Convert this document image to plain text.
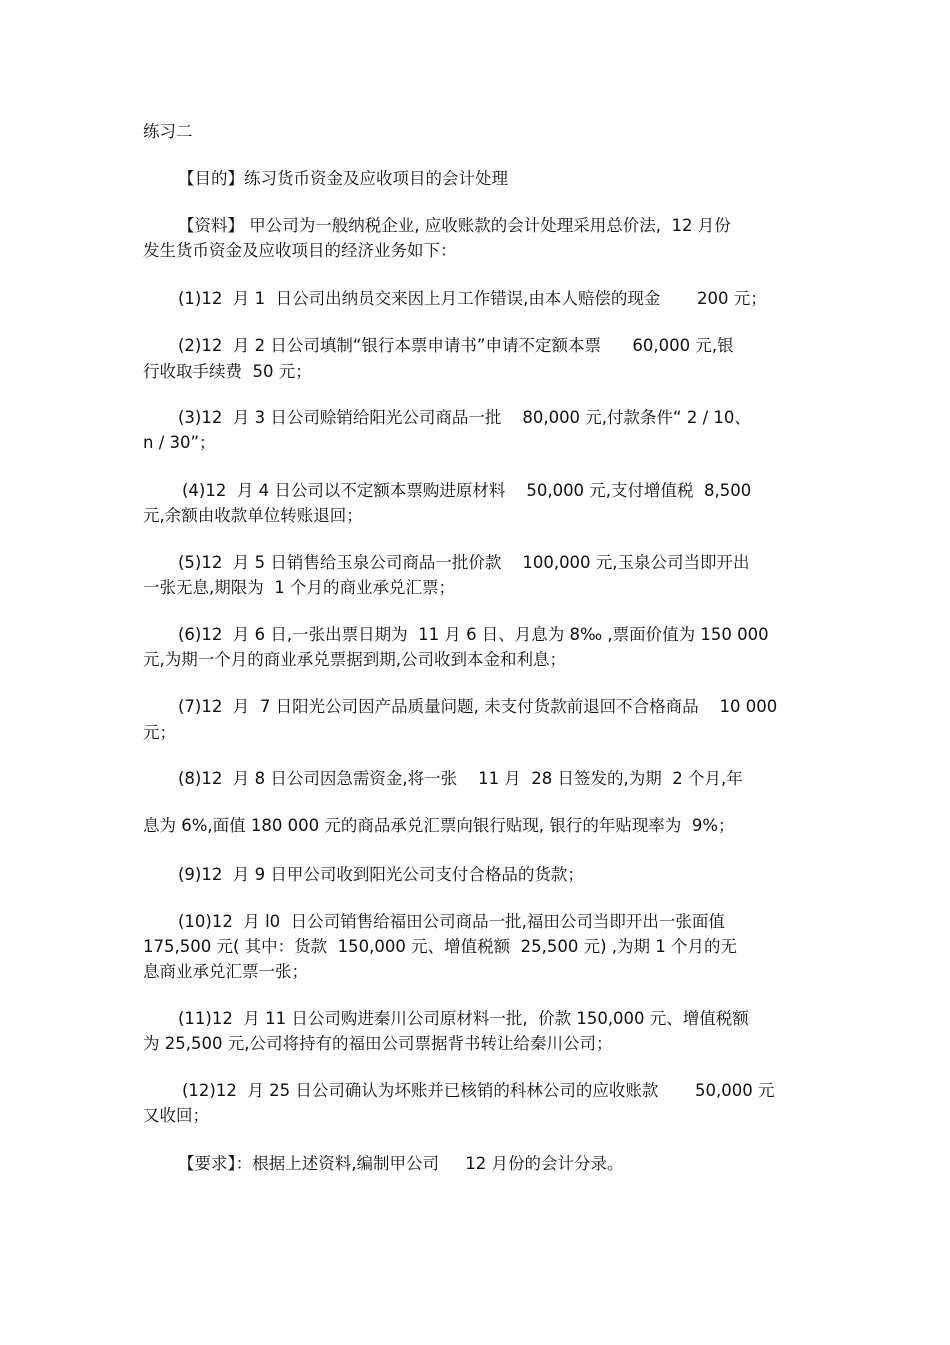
练习二
【目的】练习货币资金及应收项目的会计处理
【资料】 甲公司为一般纳税企业, 应收账款的会计处理采用总价法,  12 月份
发生货币资金及应收项目的经济业务如下：
(1)12  月 1  日公司出纳员交来因上月工作错误,由本人赔偿的现金       200 元；
(2)12  月 2 日公司填制“银行本票申请书”申请不定额本票      60,000 元,银
行收取手续费  50 元；
(3)12  月 3 日公司赊销给阳光公司商品一批    80,000 元,付款条件“ 2 / 10、
n / 30”；
(4)12  月 4 日公司以不定额本票购进原材料    50,000 元,支付增值税  8,500
元,余额由收款单位转账退回；
(5)12  月 5 日销售给玉泉公司商品一批价款    100,000 元,玉泉公司当即开出
一张无息,期限为  1 个月的商业承兑汇票；
(6)12  月 6 日,一张出票日期为  11 月 6 日、月息为 8‰ ,票面价值为 150 000
元,为期一个月的商业承兑票据到期,公司收到本金和利息；
(7)12  月  7 日阳光公司因产品质量问题, 未支付货款前退回不合格商品    10 000
元；
(8)12  月 8 日公司因急需资金,将一张    11 月  28 日签发的,为期  2 个月,年
息为 6%,面值 180 000 元的商品承兑汇票向银行贴现, 银行的年贴现率为  9%；
(9)12  月 9 日甲公司收到阳光公司支付合格品的货款；
(10)12  月 l0  日公司销售给福田公司商品一批,福田公司当即开出一张面值
175,500 元( 其中：货款  150,000 元、增值税额  25,500 元) ,为期 1 个月的无
息商业承兑汇票一张；
(11)12  月 11 日公司购进秦川公司原材料一批,  价款 150,000 元、增值税额
为 25,500 元,公司将持有的福田公司票据背书转让给秦川公司；
(12)12  月 25 日公司确认为坏账并已核销的科林公司的应收账款       50,000 元
又收回；
【要求】：根据上述资料,编制甲公司     12 月份的会计分录。
